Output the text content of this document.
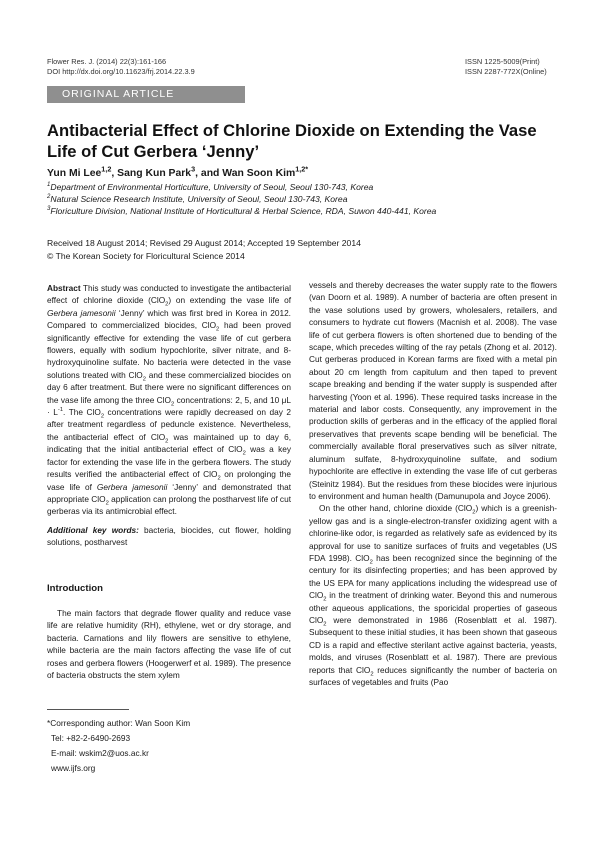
Flower Res. J. (2014) 22(3):161-166
DOI http://dx.doi.org/10.11623/frj.2014.22.3.9
ISSN 1225-5009(Print)
ISSN 2287-772X(Online)
ORIGINAL ARTICLE
Antibacterial Effect of Chlorine Dioxide on Extending the Vase Life of Cut Gerbera ‘Jenny’
Yun Mi Lee$^{1,2}$, Sang Kun Park$^3$, and Wan Soon Kim$^{1,2*}$
$^1$Department of Environmental Horticulture, University of Seoul, Seoul 130-743, Korea
$^2$Natural Science Research Institute, University of Seoul, Seoul 130-743, Korea
$^3$Floriculture Division, National Institute of Horticultural & Herbal Science, RDA, Suwon 440-441, Korea
Received 18 August 2014; Revised 29 August 2014; Accepted 19 September 2014
© The Korean Society for Floricultural Science 2014

Abstract This study was conducted to investigate the antibacterial effect of chlorine dioxide (ClO$_2$) on extending the vase life of Gerbera jamesonii ‘Jenny’ which was first bred in Korea in 2012. Compared to commercialized biocides, ClO$_2$ had been proved significantly effective for extending the vase life of cut gerbera flowers, equally with sodium hypochlorite, silver nitrate, and 8-hydroxyquinoline sulfate. No bacteria were detected in the vase solutions treated with ClO$_2$ and these commercialized biocides on day 6 after treatment. But there were no significant differences on the vase life among the three ClO$_2$ concentrations: 2, 5, and 10 $\mu L \cdot L^{-1}$. The ClO$_2$ concentrations were rapidly decreased on day 2 after treatment regardless of peduncle existence. Nevertheless, the antibacterial effect of ClO$_2$ was maintained up to day 6, indicating that the initial antibacterial effect of ClO$_2$ was a key factor for extending the vase life in the gerbera flowers. The study results verified the antibacterial effect of ClO$_2$ on prolonging the vase life of Gerbera jamesonii ‘Jenny’ and demonstrated that appropriate ClO$_2$ application can prolong the postharvest life of cut gerberas via its antimicrobial effect.

Additional key words: bacteria, biocides, cut flower, holding solutions, postharvest

Introduction

The main factors that degrade flower quality and reduce vase life are relative humidity (RH), ethylene, wet or dry storage, and bacteria. Carnations and lily flowers are sensitive to ethylene, while bacteria are the main factors affecting the vase life of cut roses and gerbera flowers (Hoogerwerf et al. 1989). The presence of bacteria obstructs the stem xylem

vessels and thereby decreases the water supply rate to the flowers (van Doorn et al. 1989). A number of bacteria are often present in the vase solutions used by growers, wholesalers, retailers, and consumers to hydrate cut flowers (Macnish et al. 2008). The vase life of cut gerbera flowers is often shortened due to bending of the scape, which precedes wilting of the ray petals (Zhong et al. 2012). Cut gerberas produced in Korean farms are fixed with a metal pin about 20 cm length from capitulum and then taped to prevent scape breaking and bending if the water supply is suspended after harvesting (Yoon et al. 1996). These required tasks increase in the material and labor costs. Consequently, any improvement in the production skills of gerberas and in the efficacy of the applied floral preservatives that prevents scape bending will be beneficial. The commercially available floral preservatives such as silver nitrate, aluminum sulfate, 8-hydroxyquinoline sulfate, and sodium hypochlorite are effective in extending the vase life of cut gerberas (Steinitz 1984). But the residues from these biocides were injurious to environment and human health (Damunupola and Joyce 2006).

On the other hand, chlorine dioxide (ClO$_2$) which is a greenish-yellow gas and is a single-electron-transfer oxidizing agent with a chlorine-like odor, is regarded as relatively safe as evidenced by its approval for use to sanitize surfaces of fruits and vegetables (US FDA 1998). ClO$_2$ has been recognized since the beginning of the century for its disinfecting properties; and has been approved by the US EPA for many applications including the widespread use of ClO$_2$ in the treatment of drinking water. Beyond this and numerous other aqueous applications, the sporicidal properties of gaseous ClO$_2$ were demonstrated in 1986 (Rosenblatt et al. 1987). Subsequent to these initial studies, it has been shown that gaseous CD is a rapid and effective sterilant active against bacteria, yeasts, molds, and viruses (Rosenblatt et al. 1987). There are previous reports that ClO$_2$ reduces significantly the number of bacteria on surfaces of vegetables and fruits (Pao

*Corresponding author: Wan Soon Kim
Tel: +82-2-6490-2693
E-mail: wskim2@uos.ac.kr
www.ijfs.org
